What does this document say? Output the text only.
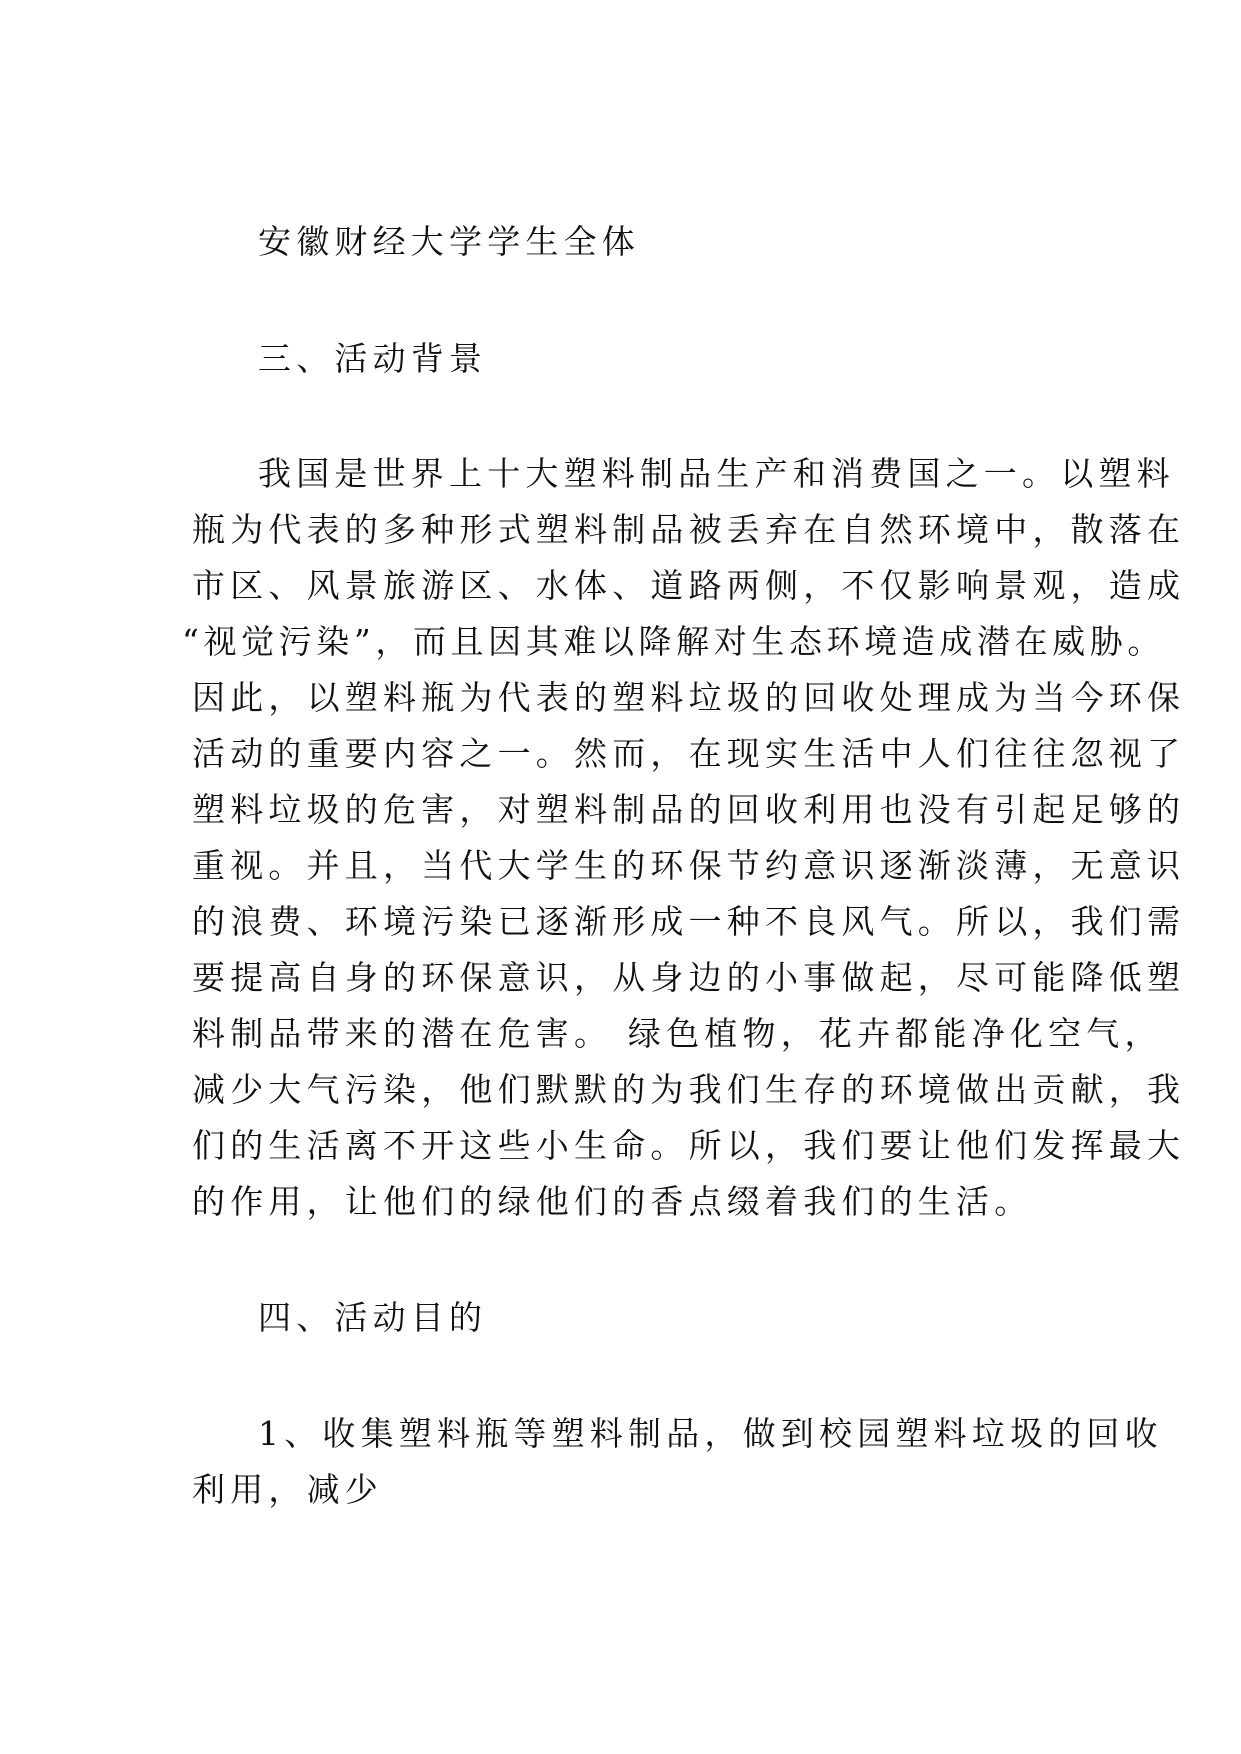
安徽财经大学学生全体
三、活动背景
我国是世界上十大塑料制品生产和消费国之一。以塑料
瓶为代表的多种形式塑料制品被丢弃在自然环境中，散落在
市区、风景旅游区、水体、道路两侧，不仅影响景观，造成
“视觉污染”，而且因其难以降解对生态环境造成潜在威胁。
因此，以塑料瓶为代表的塑料垃圾的回收处理成为当今环保
活动的重要内容之一。然而，在现实生活中人们往往忽视了
塑料垃圾的危害，对塑料制品的回收利用也没有引起足够的
重视。并且，当代大学生的环保节约意识逐渐淡薄，无意识
的浪费、环境污染已逐渐形成一种不良风气。所以，我们需
要提高自身的环保意识，从身边的小事做起，尽可能降低塑
料制品带来的潜在危害。 绿色植物，花卉都能净化空气，
减少大气污染，他们默默的为我们生存的环境做出贡献，我
们的生活离不开这些小生命。所以，我们要让他们发挥最大
的作用，让他们的绿他们的香点缀着我们的生活。
四、活动目的
1、收集塑料瓶等塑料制品，做到校园塑料垃圾的回收
利用，减少
